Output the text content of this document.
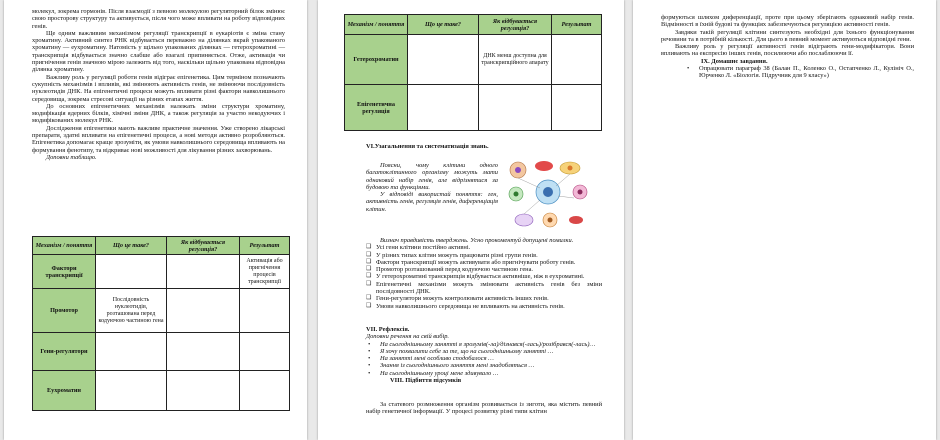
молекул, зокрема гормонів. Після взаємодії з певною молекулою регуляторний білок змінює свою просторову структуру та активується, після чого може впливати на роботу відповідних генів.

Ще одним важливим механізмом регуляції транскрипції в еукаріотів є зміна стану хроматину. Активний синтез РНК відбувається переважно на ділянках вкрай упакованого хроматину — еухроматину. Натомість у щільно упакованих ділянках — гетерохроматині — транскрипція відбувається значно слабше або взагалі припиняється. Отже, активація чи пригнічення генів значною мірою залежить від того, наскільки щільно упакована відповідна ділянка хроматину.

Важливу роль у регуляції роботи генів відіграє епігенетика. Цим терміном позначають сукупність механізмів і впливів, які змінюють активність генів, не змінюючи послідовність нуклеотидів ДНК. На епігенетичні процеси можуть впливати різні фактори навколишнього середовища, зокрема стресові ситуації на різних етапах життя.

До основних епігенетичних механізмів належать зміни структури хроматину, модифікація ядерних білків, хімічні зміни ДНК, а також регуляція за участю некодуючих і модифікованих молекул РНК.

Дослідження епігенетики мають важливе практичне значення. Уже створено лікарські препарати, здатні впливати на епігенетичні процеси, а нові методи активно розробляються. Епігенетика допомагає краще зрозуміти, як умови навколишнього середовища впливають на формування фенотипу, та відкриває нові можливості для лікування різних захворювань.

Доповни таблицю.

Механізм / поняття	Що це таке?	Як відбувається регуляція?	Результат
Фактори транскрипції			Активація або пригнічення процесів транскрипції
Промотор	Послідовність нуклеотидів, розташована перед кодуючою частиною гена		
Гени-регулятори			
Еухроматин			
Механізм / поняття	Що це таке?	Як відбувається регуляція?	Результат
Гетерохроматин		ДНК менш доступна для транскрипційного апарату	
Епігенетична регуляція			
VI.Узагальнення та систематизація знань.

Поясни, чому клітини одного багатоклітинного організму можуть мати однаковий набір генів, але відрізнятися за будовою та функціями.

У відповіді використай поняття: ген, активність генів, регуляція генів, диференціація клітин.

Визнач правдивість тверджень. Усно прокоментуй допущені помилки.

❑ Усі гени клітини постійно активні.
❑ У різних типах клітин можуть працювати різні групи генів.
❑ Фактори транскрипції можуть активувати або пригнічувати роботу генів.
❑ Промотор розташований перед кодуючою частиною гена.
❑ У гетерохроматині транскрипція відбувається активніше, ніж в еухроматині.
❑ Епігенетичні механізми можуть змінювати активність генів без зміни послідовності ДНК.
❑ Гени-регулятори можуть контролювати активність інших генів.
❑ Умови навколишнього середовища не впливають на активність генів.

VII. Рефлексія.

Доповни речення на свій вибір.

• На сьогоднішньому занятті я зрозумів(-ла)/дізнався(-лась)/розібрався(-лась)…
• Я хочу похвалити себе за те, що на сьогоднішньому занятті …
• На занятті мені особливо сподобалося …
• Знання із сьогоднішнього заняття мені знадобляться …
• На сьогоднішньому уроці мене здивувало …

VIII. Підбиття підсумків

За статевого розмноження організм розвивається із зиготи, яка містить певний набір генетичної інформації. У процесі розвитку різні типи клітин

формуються шляхом диференціації, проте при цьому зберігають однаковий набір генів. Відмінності в їхній будові та функціях забезпечуються регуляцією активності генів.

Завдяки такій регуляції клітини синтезують необхідні для їхнього функціонування речовини та в потрібній кількості. Для цього в певний момент активуються відповідні гени.

Важливу роль у регуляції активності генів відіграють гени-модифікатори. Вони впливають на експресію інших генів, посилюючи або послаблюючи її.

IX. Домашнє завдання.

• Опрацювати параграф 38 (Балан П., Коленко О., Остапченко Л., Кулініч О., Юрченко Л. «Біологія. Підручник для 9 класу»)
